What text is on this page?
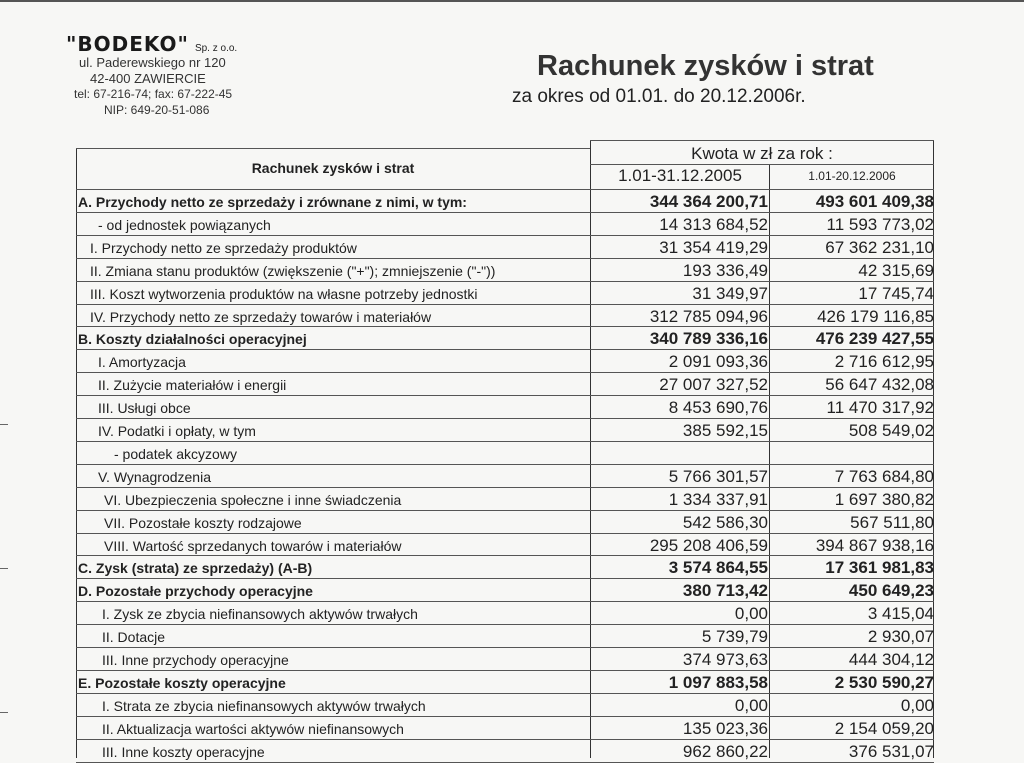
"BODEKO" Sp. z o.o.
ul. Paderewskiego nr 120
42-400 ZAWIERCIE
tel: 67-216-74; fax: 67-222-45
NIP: 649-20-51-086
Rachunek zysków i strat
za okres od 01.01. do 20.12.2006r.
Rachunek zysków i strat
Kwota w zł za rok :
1.01-31.12.2005	1.01-20.12.2006
A. Przychody netto ze sprzedaży i zrównane z nimi, w tym:	344 364 200,71	493 601 409,38
- od jednostek powiązanych	14 313 684,52	11 593 773,02
I. Przychody netto ze sprzedaży produktów	31 354 419,29	67 362 231,10
II. Zmiana stanu produktów (zwiększenie ("+"); zmniejszenie ("-"))	193 336,49	42 315,69
III. Koszt wytworzenia produktów na własne potrzeby jednostki	31 349,97	17 745,74
IV. Przychody netto ze sprzedaży towarów i materiałów	312 785 094,96	426 179 116,85
B. Koszty działalności operacyjnej	340 789 336,16	476 239 427,55
I. Amortyzacja	2 091 093,36	2 716 612,95
II. Zużycie materiałów i energii	27 007 327,52	56 647 432,08
III. Usługi obce	8 453 690,76	11 470 317,92
IV. Podatki i opłaty, w tym	385 592,15	508 549,02
- podatek akcyzowy
V. Wynagrodzenia	5 766 301,57	7 763 684,80
VI. Ubezpieczenia społeczne i inne świadczenia	1 334 337,91	1 697 380,82
VII. Pozostałe koszty rodzajowe	542 586,30	567 511,80
VIII. Wartość sprzedanych towarów i materiałów	295 208 406,59	394 867 938,16
C. Zysk (strata) ze sprzedaży) (A-B)	3 574 864,55	17 361 981,83
D. Pozostałe przychody operacyjne	380 713,42	450 649,23
I. Zysk ze zbycia niefinansowych aktywów trwałych	0,00	3 415,04
II. Dotacje	5 739,79	2 930,07
III. Inne przychody operacyjne	374 973,63	444 304,12
E. Pozostałe koszty operacyjne	1 097 883,58	2 530 590,27
I. Strata ze zbycia niefinansowych aktywów trwałych	0,00	0,00
II. Aktualizacja wartości aktywów niefinansowych	135 023,36	2 154 059,20
III. Inne koszty operacyjne	962 860,22	376 531,07
